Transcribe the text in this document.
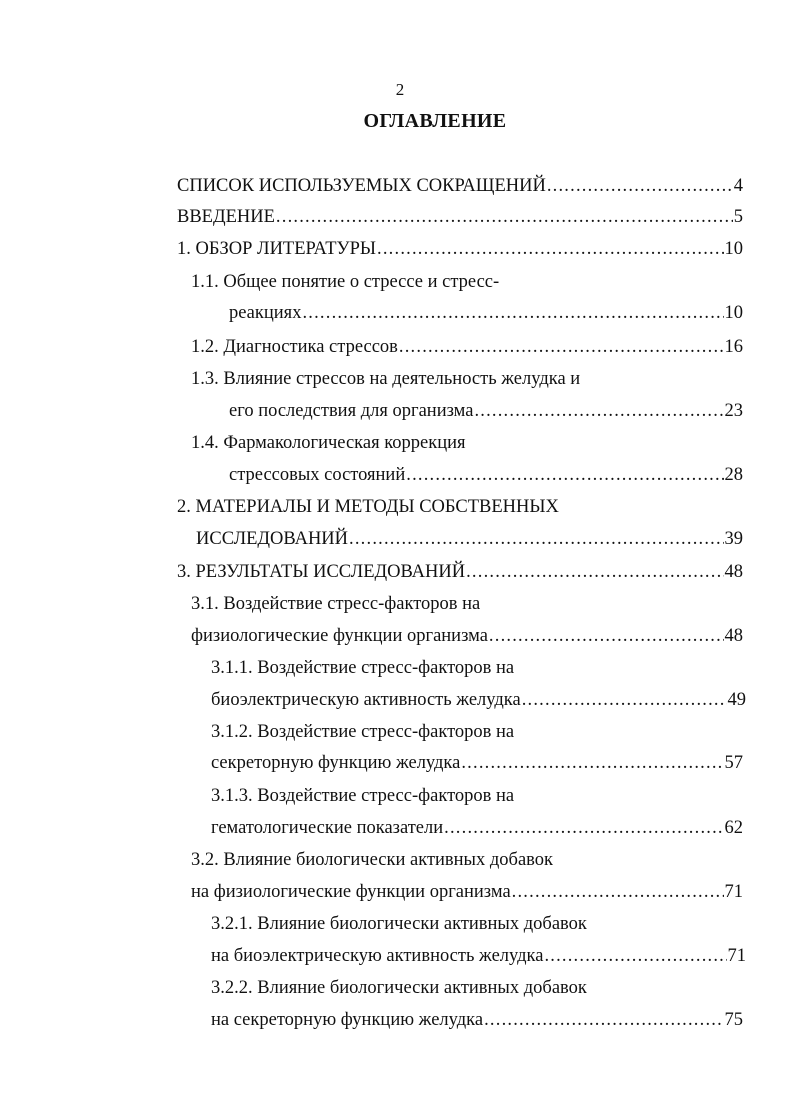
2
ОГЛАВЛЕНИЕ
СПИСОК ИСПОЛЬЗУЕМЫХ СОКРАЩЕНИЙ .....	4
ВВЕДЕНИЕ .....	5
1. ОБЗОР ЛИТЕРАТУРЫ .....	10
1.1. Общее понятие о стрессе и стресс-
реакциях .....	10
1.2. Диагностика стрессов .....	16
1.3. Влияние стрессов на деятельность желудка и
его последствия для организма .....	23
1.4. Фармакологическая коррекция
стрессовых состояний .....	28
2. МАТЕРИАЛЫ И МЕТОДЫ СОБСТВЕННЫХ
ИССЛЕДОВАНИЙ .....	39
3. РЕЗУЛЬТАТЫ ИССЛЕДОВАНИЙ .....	48
3.1. Воздействие стресс-факторов на
физиологические функции организма .....	48
3.1.1. Воздействие стресс-факторов на
биоэлектрическую активность желудка .....	49
3.1.2. Воздействие стресс-факторов на
секреторную функцию желудка .....	57
3.1.3. Воздействие стресс-факторов на
гематологические показатели .....	62
3.2. Влияние биологически активных добавок
на физиологические функции организма .....	71
3.2.1. Влияние биологически активных добавок
на биоэлектрическую активность желудка .....	71
3.2.2. Влияние биологически активных добавок
на секреторную функцию желудка .....	75
